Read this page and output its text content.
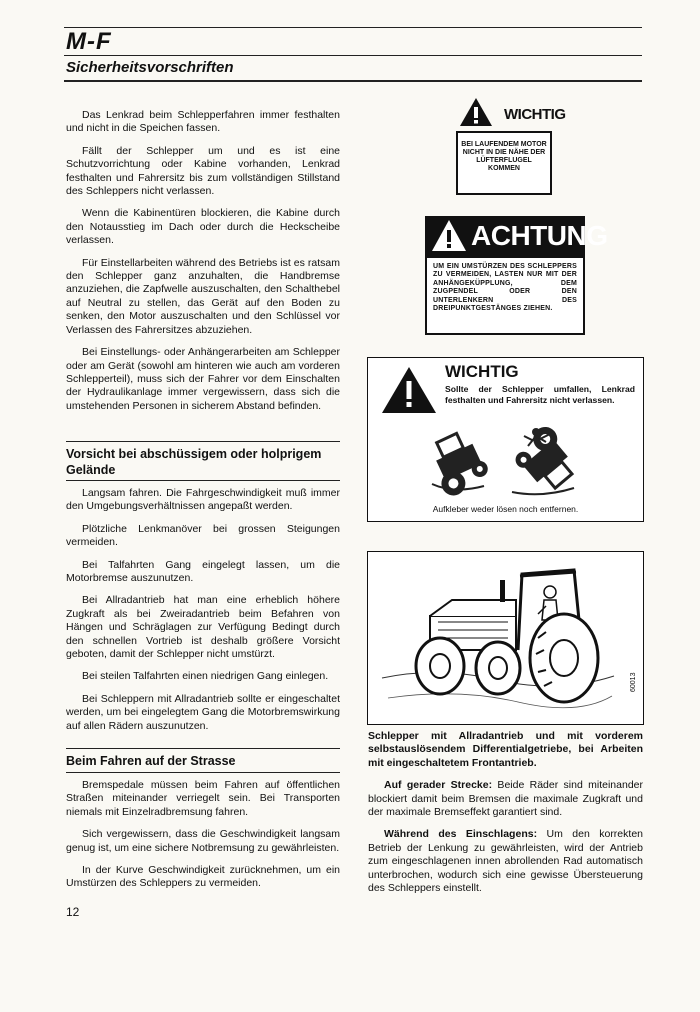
M-F
Sicherheitsvorschriften

Das Lenkrad beim Schlepperfahren immer festhalten und nicht in die Speichen fassen.

Fällt der Schlepper um und es ist eine Schutzvorrichtung oder Kabine vorhanden, Lenkrad festhalten und Fahrersitz bis zum vollständigen Stillstand des Schleppers nicht verlassen.

Wenn die Kabinentüren blockieren, die Kabine durch den Notausstieg im Dach oder durch die Heckscheibe verlassen.

Für Einstellarbeiten während des Betriebs ist es ratsam den Schlepper ganz anzuhalten, die Handbremse anzuziehen, die Zapfwelle auszuschalten, den Schalthebel auf Neutral zu stellen, das Gerät auf den Boden zu senken, den Motor auszuschalten und den Schlüssel vor Verlassen des Fahrersitzes abzuziehen.

Bei Einstellungs- oder Anhängerarbeiten am Schlepper oder am Gerät (sowohl am hinteren wie auch am vorderen Schlepperteil), muss sich der Fahrer vor dem Einschalten der Hydraulikanlage immer vergewissern, dass sich die umstehenden Personen in sicherem Abstand befinden.

Vorsicht bei abschüssigem oder holprigem Gelände

Langsam fahren. Die Fahrgeschwindigkeit muß immer den Umgebungsverhältnissen angepaßt werden.

Plötzliche Lenkmanöver bei grossen Steigungen vermeiden.

Bei Talfahrten Gang eingelegt lassen, um die Motorbremse auszunutzen.

Bei Allradantrieb hat man eine erheblich höhere Zugkraft als bei Zweiradantrieb beim Befahren von Hängen und Schräglagen zur Verfügung Bedingt durch den schnellen Vortrieb ist deshalb größere Vorsicht geboten, damit der Schlepper nicht umstürzt.

Bei steilen Talfahrten einen niedrigen Gang einlegen.

Bei Schleppern mit Allradantrieb sollte er eingeschaltet werden, um bei eingelegtem Gang die Motorbremswirkung auf allen Rädern auszunutzen.

Beim Fahren auf der Strasse

Bremspedale müssen beim Fahren auf öffentlichen Straßen miteinander verriegelt sein. Bei Transporten niemals mit Einzelradbremsung fahren.

Sich vergewissern, dass die Geschwindigkeit langsam genug ist, um eine sichere Notbremsung zu gewährleisten.

In der Kurve Geschwindigkeit zurücknehmen, um ein Umstürzen des Schleppers zu vermeiden.

WICHTIG
BEI LAUFENDEM MOTOR NICHT IN DIE NÄHE DER LÜFTERFLUGEL KOMMEN
ACHTUNG
UM EIN UMSTÜRZEN DES SCHLEPPERS ZU VERMEIDEN, LASTEN NUR MIT DER ANHÄNGEKÜPPLUNG, DEM ZUGPENDEL ODER DEN UNTERLENKERN DES DREIPUNKTGESTÄNGES ZIEHEN.
WICHTIG
Sollte der Schlepper umfallen, Lenkrad festhalten und Fahrersitz nicht verlassen.
Aufkleber weder lösen noch entfernen.
60013

Schlepper mit Allradantrieb und mit vorderem selbstauslösendem Differentialgetriebe, bei Arbeiten mit eingeschaltetem Frontantrieb.

Auf gerader Strecke: Beide Räder sind miteinander blockiert damit beim Bremsen die maximale Zugkraft und der maximale Bremseffekt garantiert sind.

Während des Einschlagens: Um den korrekten Betrieb der Lenkung zu gewährleisten, wird der Antrieb zum eingeschlagenen innen abrollenden Rad automatisch unterbrochen, wodurch sich eine gewisse Übersteuerung des Schleppers einstellt.

12
